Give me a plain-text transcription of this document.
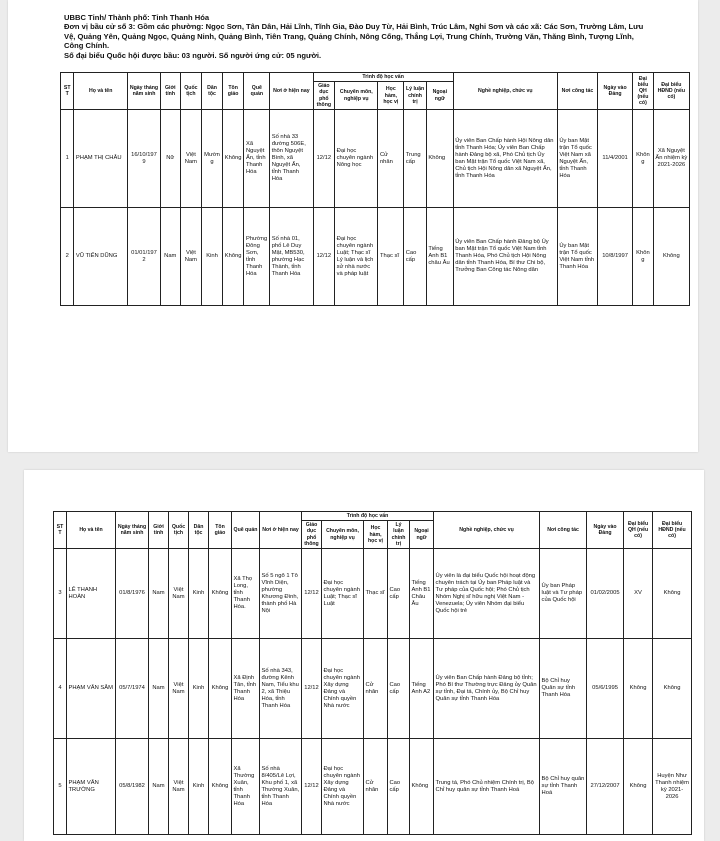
UBBC Tỉnh/ Thành phố: Tỉnh Thanh Hóa
Đơn vị bầu cử số 3: Gồm các phường: Ngọc Sơn, Tân Dân, Hải Lĩnh, Tĩnh Gia, Đào Duy Từ, Hải Bình, Trúc Lâm, Nghi Sơn và các xã: Các Sơn, Trường Lâm, Lưu Vệ, Quảng Yên, Quảng Ngọc, Quảng Ninh, Quảng Bình, Tiên Trang, Quảng Chính, Nông Cống, Thắng Lợi, Trung Chính, Trường Văn, Thăng Bình, Tượng Lĩnh, Công Chính.
Số đại biểu Quốc hội được bầu: 03 người. Số người ứng cử: 05 người.
STT	Họ và tên	Ngày tháng năm sinh	Giới tính	Quốc tịch	Dân tộc	Tôn giáo	Quê quán	Nơi ở hiện nay	Trình độ học vấn					Nghề nghiệp, chức vụ	Nơi công tác	Ngày vào Đảng	Đại biểu QH (nếu có)	Đại biểu HĐND (nếu có)
									Giáo dục phổ thông	Chuyên môn, nghiệp vụ	Học hàm, học vị	Lý luận chính trị	Ngoại ngữ					
1	PHẠM THỊ CHÂU	16/10/1979	Nữ	Việt Nam	Mường	Không	Xã Nguyệt Ấn, tỉnh Thanh Hóa	Số nhà 33 đường 506E, thôn Nguyệt Bình, xã Nguyệt Ấn, tỉnh Thanh Hóa	12/12	Đại học chuyên ngành Nông học	Cử nhân	Trung cấp	Không	Ủy viên Ban Chấp hành Hội Nông dân tỉnh Thanh Hóa; Ủy viên Ban Chấp hành Đảng bộ xã, Phó Chủ tịch Ủy ban Mặt trận Tổ quốc Việt Nam xã, Chủ tịch Hội Nông dân xã Nguyệt Ấn, tỉnh Thanh Hóa	Ủy ban Mặt trận Tổ quốc Việt Nam xã Nguyệt Ấn, tỉnh Thanh Hóa	11/4/2001	Không	Xã Nguyệt Ấn nhiệm kỳ 2021-2026
2	VŨ TIẾN DŨNG	01/01/1972	Nam	Việt Nam	Kinh	Không	Phường Đông Sơn, tỉnh Thanh Hóa	Số nhà 01, phố Lê Duy Mật, MB530, phường Hạc Thành, tỉnh Thanh Hóa	12/12	Đại học chuyên ngành Luật; Thạc sĩ Lý luận và lịch sử nhà nước và pháp luật	Thạc sĩ	Cao cấp	Tiếng Anh B1 châu Âu	Ủy viên Ban Chấp hành Đảng bộ Ủy ban Mặt trận Tổ quốc Việt Nam tỉnh Thanh Hóa, Phó Chủ tịch Hội Nông dân tỉnh Thanh Hóa, Bí thư Chi bộ, Trưởng Ban Công tác Nông dân	Ủy ban Mặt trận Tổ quốc Việt Nam tỉnh Thanh Hóa	10/8/1997	Không	Không
STT	Họ và tên	Ngày tháng năm sinh	Giới tính	Quốc tịch	Dân tộc	Tôn giáo	Quê quán	Nơi ở hiện nay	Trình độ học vấn					Nghề nghiệp, chức vụ	Nơi công tác	Ngày vào Đảng	Đại biểu QH (nếu có)	Đại biểu HĐND (nếu có)
									Giáo dục phổ thông	Chuyên môn, nghiệp vụ	Học hàm, học vị	Lý luận chính trị	Ngoại ngữ					
3	LÊ THANH HOÀN	01/8/1976	Nam	Việt Nam	Kinh	Không	Xã Thọ Long, tỉnh Thanh Hóa.	Số 5 ngõ 1 Tô Vĩnh Diện, phường Khương Đình, thành phố Hà Nội	12/12	Đại học chuyên ngành Luật; Thạc sĩ Luật	Thạc sĩ	Cao cấp	Tiếng Anh B1 Châu Âu	Ủy viên là đại biểu Quốc hội hoạt động chuyên trách tại Ủy ban Pháp luật và Tư pháp của Quốc hội; Phó Chủ tịch Nhóm Nghị sĩ hữu nghị Việt Nam - Venezuela; Ủy viên Nhóm đại biểu Quốc hội trẻ	Ủy ban Pháp luật và Tư pháp của Quốc hội	01/02/2005	XV	Không
4	PHẠM VĂN SÂM	05/7/1974	Nam	Việt Nam	Kinh	Không	Xã Định Tân, tỉnh Thanh Hóa	Số nhà 343, đường Kênh Nam, Tiểu khu 2, xã Thiệu Hóa, tỉnh Thanh Hóa	12/12	Đại học chuyên ngành Xây dựng Đảng và Chính quyền Nhà nước	Cử nhân	Cao cấp	Tiếng Anh A2	Ủy viên Ban Chấp hành Đảng bộ tỉnh; Phó Bí thư Thường trực Đảng ủy Quân sự tỉnh, Đại tá, Chính ủy, Bộ Chỉ huy Quân sự tỉnh Thanh Hóa	Bộ Chỉ huy Quân sự tỉnh Thanh Hóa	05/6/1995	Không	Không
5	PHẠM VĂN TRƯỜNG	05/8/1982	Nam	Việt Nam	Kinh	Không	Xã Thường Xuân, tỉnh Thanh Hóa	Số nhà 8/405/Lê Lợi, Khu phố 1, xã Thường Xuân, tỉnh Thanh Hóa	12/12	Đại học chuyên ngành Xây dựng Đảng và Chính quyền Nhà nước	Cử nhân	Cao cấp	Không	Trung tá, Phó Chủ nhiệm Chính trị, Bộ Chỉ huy quân sự tỉnh Thanh Hoá	Bộ Chỉ huy quân sự tỉnh Thanh Hoá	27/12/2007	Không	Huyện Như Thanh nhiệm kỳ 2021-2026
